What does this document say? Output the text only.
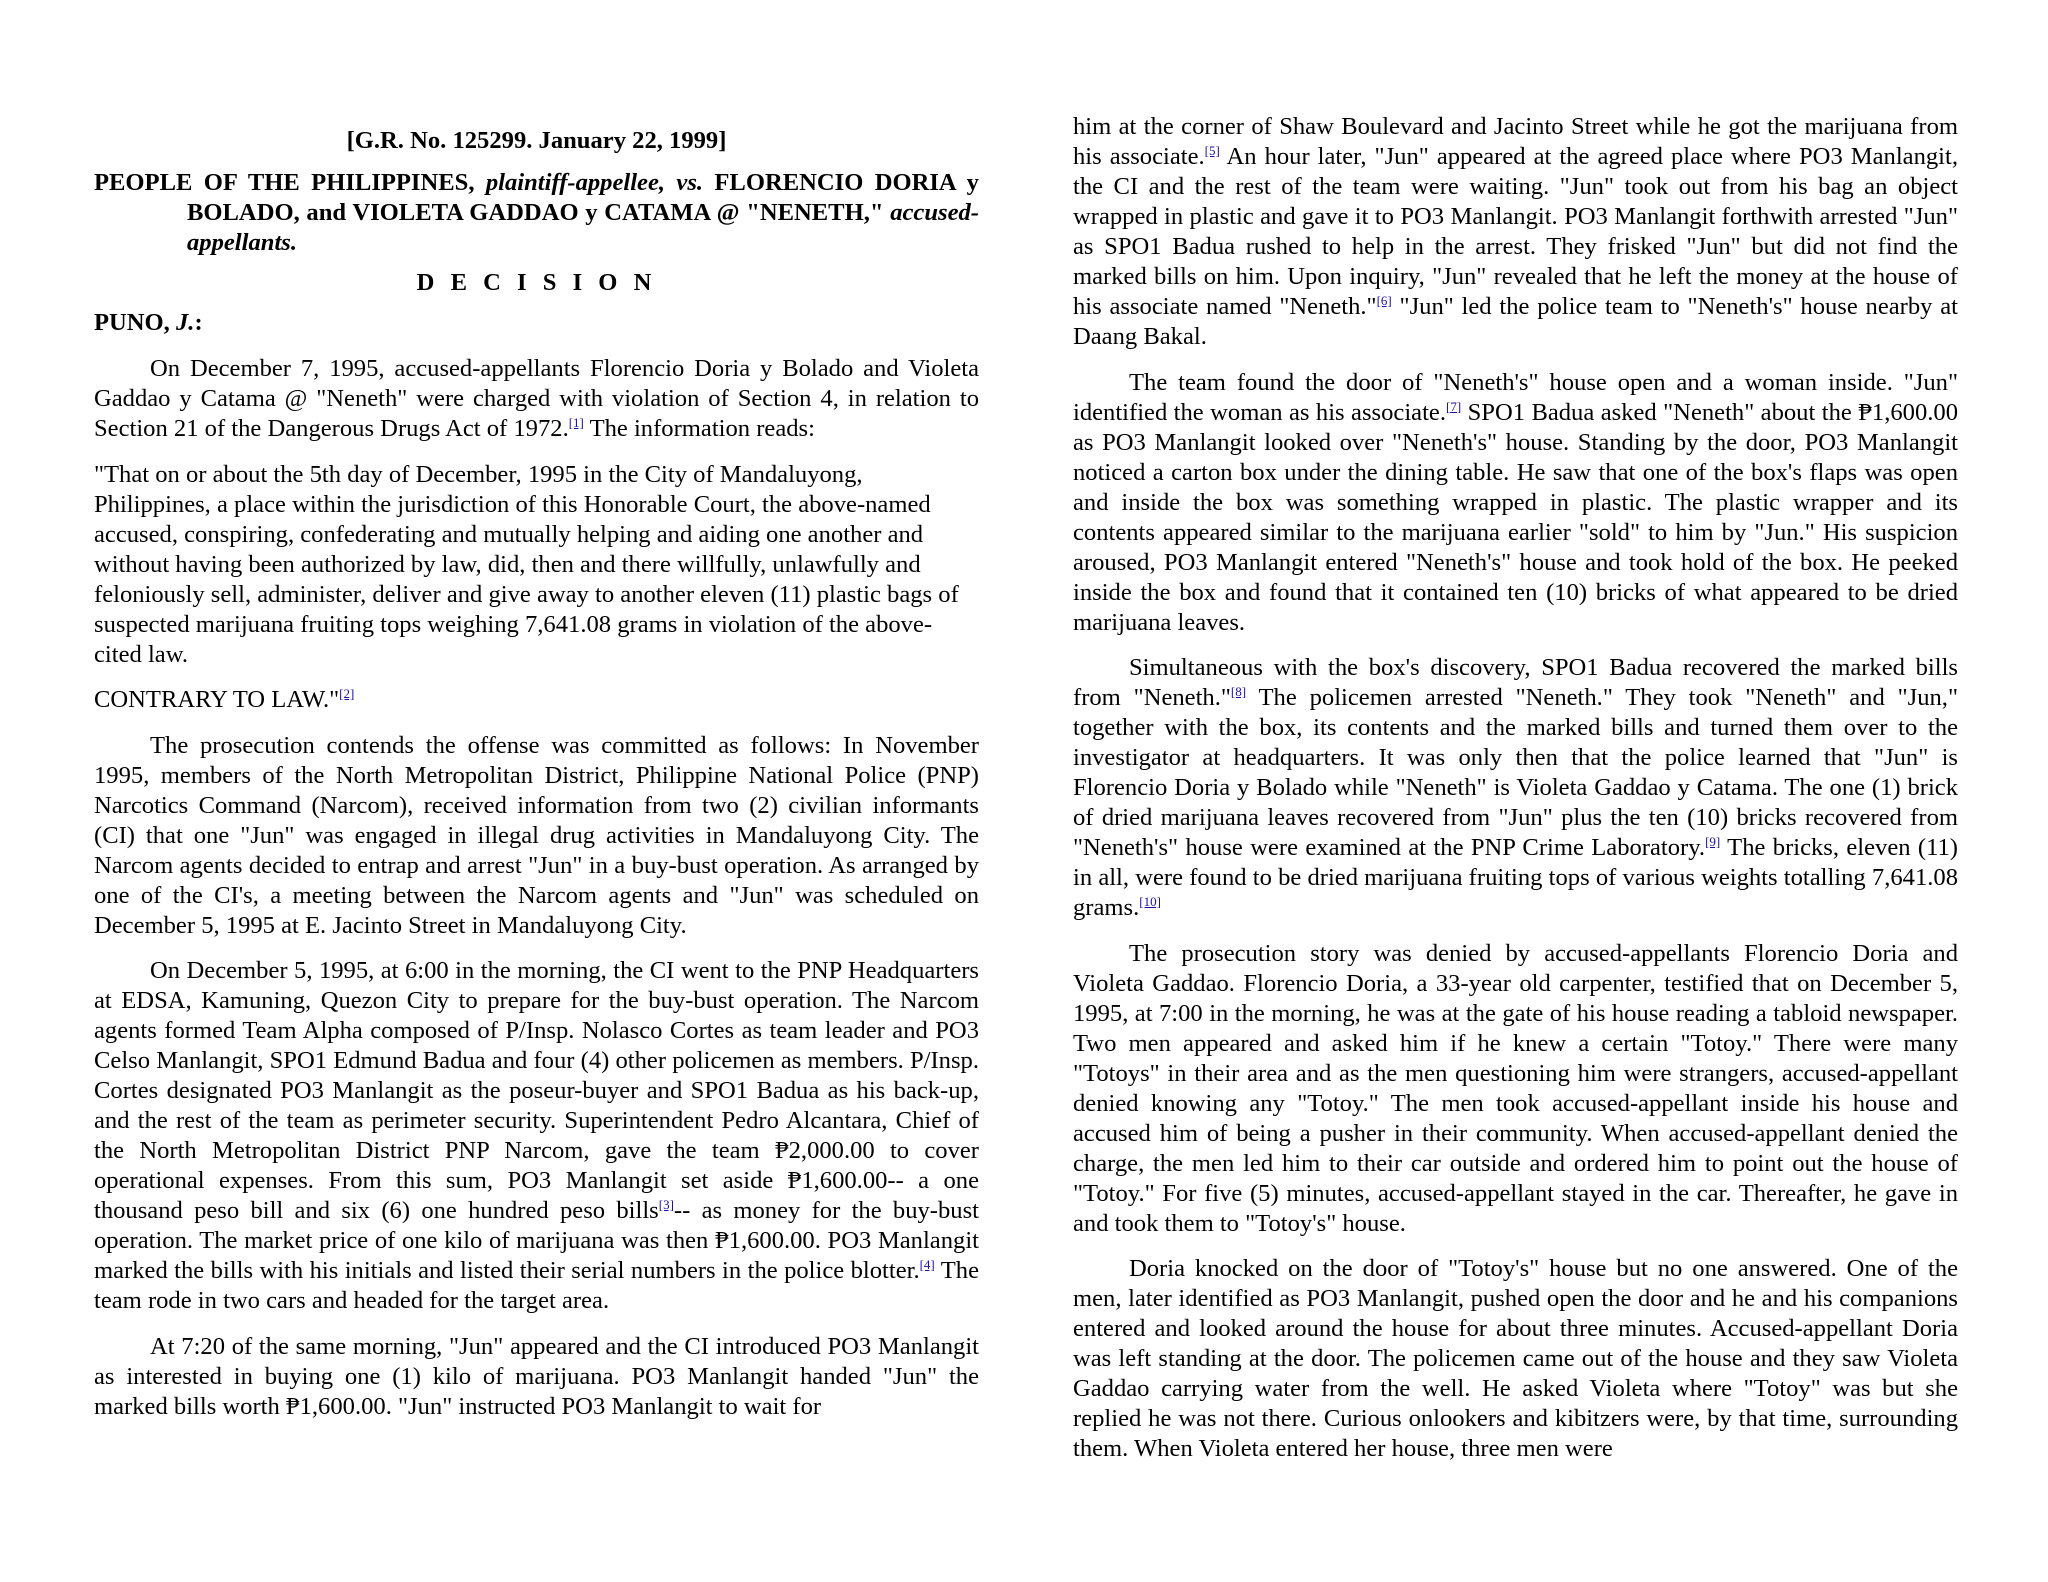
[G.R. No. 125299. January 22, 1999]

PEOPLE OF THE PHILIPPINES, plaintiff-appellee, vs. FLORENCIO DORIA y BOLADO, and VIOLETA GADDAO y CATAMA @ "NENETH," accused-appellants.

D E C I S I O N

PUNO, J.:

On December 7, 1995, accused-appellants Florencio Doria y Bolado and Violeta Gaddao y Catama @ "Neneth" were charged with violation of Section 4, in relation to Section 21 of the Dangerous Drugs Act of 1972.[1] The information reads:

"That on or about the 5th day of December, 1995 in the City of Mandaluyong, Philippines, a place within the jurisdiction of this Honorable Court, the above-named accused, conspiring, confederating and mutually helping and aiding one another and without having been authorized by law, did, then and there willfully, unlawfully and feloniously sell, administer, deliver and give away to another eleven (11) plastic bags of suspected marijuana fruiting tops weighing 7,641.08 grams in violation of the above-cited law.

CONTRARY TO LAW."[2]

The prosecution contends the offense was committed as follows: In November 1995, members of the North Metropolitan District, Philippine National Police (PNP) Narcotics Command (Narcom), received information from two (2) civilian informants (CI) that one "Jun" was engaged in illegal drug activities in Mandaluyong City. The Narcom agents decided to entrap and arrest "Jun" in a buy-bust operation. As arranged by one of the CI's, a meeting between the Narcom agents and "Jun" was scheduled on December 5, 1995 at E. Jacinto Street in Mandaluyong City.

On December 5, 1995, at 6:00 in the morning, the CI went to the PNP Headquarters at EDSA, Kamuning, Quezon City to prepare for the buy-bust operation. The Narcom agents formed Team Alpha composed of P/Insp. Nolasco Cortes as team leader and PO3 Celso Manlangit, SPO1 Edmund Badua and four (4) other policemen as members. P/Insp. Cortes designated PO3 Manlangit as the poseur-buyer and SPO1 Badua as his back-up, and the rest of the team as perimeter security. Superintendent Pedro Alcantara, Chief of the North Metropolitan District PNP Narcom, gave the team ₱2,000.00 to cover operational expenses. From this sum, PO3 Manlangit set aside ₱1,600.00-- a one thousand peso bill and six (6) one hundred peso bills[3]-- as money for the buy-bust operation. The market price of one kilo of marijuana was then ₱1,600.00. PO3 Manlangit marked the bills with his initials and listed their serial numbers in the police blotter.[4] The team rode in two cars and headed for the target area.

At 7:20 of the same morning, "Jun" appeared and the CI introduced PO3 Manlangit as interested in buying one (1) kilo of marijuana. PO3 Manlangit handed "Jun" the marked bills worth ₱1,600.00. "Jun" instructed PO3 Manlangit to wait for

him at the corner of Shaw Boulevard and Jacinto Street while he got the marijuana from his associate.[5] An hour later, "Jun" appeared at the agreed place where PO3 Manlangit, the CI and the rest of the team were waiting. "Jun" took out from his bag an object wrapped in plastic and gave it to PO3 Manlangit. PO3 Manlangit forthwith arrested "Jun" as SPO1 Badua rushed to help in the arrest. They frisked "Jun" but did not find the marked bills on him. Upon inquiry, "Jun" revealed that he left the money at the house of his associate named "Neneth."[6] "Jun" led the police team to "Neneth's" house nearby at Daang Bakal.

The team found the door of "Neneth's" house open and a woman inside. "Jun" identified the woman as his associate.[7] SPO1 Badua asked "Neneth" about the ₱1,600.00 as PO3 Manlangit looked over "Neneth's" house. Standing by the door, PO3 Manlangit noticed a carton box under the dining table. He saw that one of the box's flaps was open and inside the box was something wrapped in plastic. The plastic wrapper and its contents appeared similar to the marijuana earlier "sold" to him by "Jun." His suspicion aroused, PO3 Manlangit entered "Neneth's" house and took hold of the box. He peeked inside the box and found that it contained ten (10) bricks of what appeared to be dried marijuana leaves.

Simultaneous with the box's discovery, SPO1 Badua recovered the marked bills from "Neneth."[8] The policemen arrested "Neneth." They took "Neneth" and "Jun," together with the box, its contents and the marked bills and turned them over to the investigator at headquarters. It was only then that the police learned that "Jun" is Florencio Doria y Bolado while "Neneth" is Violeta Gaddao y Catama. The one (1) brick of dried marijuana leaves recovered from "Jun" plus the ten (10) bricks recovered from "Neneth's" house were examined at the PNP Crime Laboratory.[9] The bricks, eleven (11) in all, were found to be dried marijuana fruiting tops of various weights totalling 7,641.08 grams.[10]

The prosecution story was denied by accused-appellants Florencio Doria and Violeta Gaddao. Florencio Doria, a 33-year old carpenter, testified that on December 5, 1995, at 7:00 in the morning, he was at the gate of his house reading a tabloid newspaper. Two men appeared and asked him if he knew a certain "Totoy." There were many "Totoys" in their area and as the men questioning him were strangers, accused-appellant denied knowing any "Totoy." The men took accused-appellant inside his house and accused him of being a pusher in their community. When accused-appellant denied the charge, the men led him to their car outside and ordered him to point out the house of "Totoy." For five (5) minutes, accused-appellant stayed in the car. Thereafter, he gave in and took them to "Totoy's" house.

Doria knocked on the door of "Totoy's" house but no one answered. One of the men, later identified as PO3 Manlangit, pushed open the door and he and his companions entered and looked around the house for about three minutes. Accused-appellant Doria was left standing at the door. The policemen came out of the house and they saw Violeta Gaddao carrying water from the well. He asked Violeta where "Totoy" was but she replied he was not there. Curious onlookers and kibitzers were, by that time, surrounding them. When Violeta entered her house, three men were
